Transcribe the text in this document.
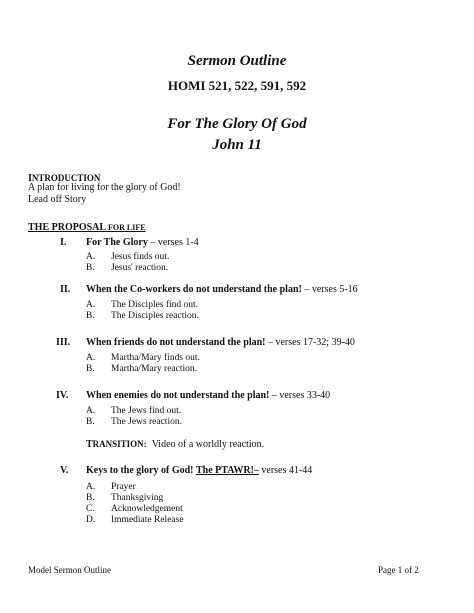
Sermon Outline
HOMI 521, 522, 591, 592
For The Glory Of God
John 11
INTRODUCTION
A plan for living for the glory of God!
Lead off Story
THE PROPOSAL FOR LIFE
I. For The Glory – verses 1-4
A. Jesus finds out.
B. Jesus' reaction.
II. When the Co-workers do not understand the plan! – verses 5-16
A. The Disciples find out.
B. The Disciples reaction.
III. When friends do not understand the plan! – verses 17-32; 39-40
A. Martha/Mary finds out.
B. Martha/Mary reaction.
IV. When enemies do not understand the plan! – verses 33-40
A. The Jews find out.
B. The Jews reaction.
TRANSITION: Video of a worldly reaction.
V. Keys to the glory of God! The PTAWR!– verses 41-44
A. Prayer
B. Thanksgiving
C. Acknowledgement
D. Immediate Release
Model Sermon Outline	Page 1 of 2
